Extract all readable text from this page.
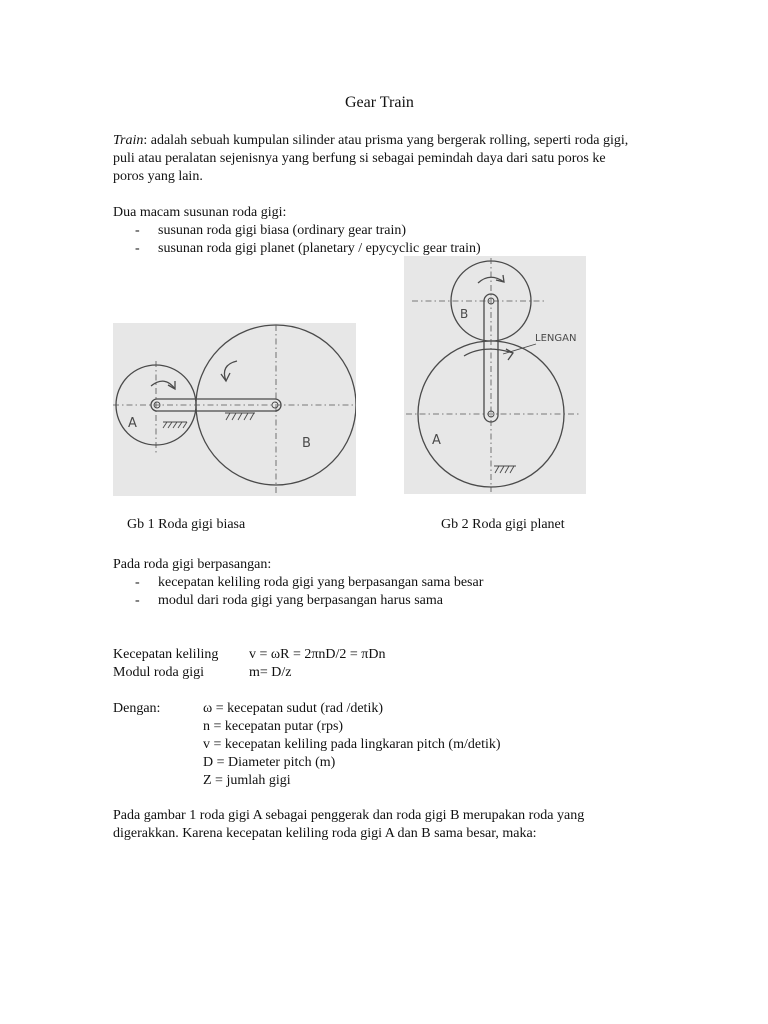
Gear Train
Train: adalah sebuah kumpulan silinder atau prisma yang bergerak rolling, seperti roda gigi, puli atau peralatan sejenisnya yang berfung si sebagai pemindah daya dari satu poros ke poros yang lain.
Dua macam susunan roda gigi:
- susunan roda gigi biasa (ordinary gear train)
- susunan roda gigi planet (planetary / epycyclic gear train)
A
B
B
A
LENGAN
Gb 1 Roda gigi biasa	Gb 2 Roda gigi planet
Pada roda gigi berpasangan:
- kecepatan keliling roda gigi yang berpasangan sama besar
- modul dari roda gigi yang berpasangan harus sama
Kecepatan keliling v = ωR = 2πnD/2 = πDn
Modul roda gigi	m= D/z
Dengan:	ω = kecepatan sudut (rad /detik)
n = kecepatan putar (rps)
v = kecepatan keliling pada lingkaran pitch (m/detik)
D = Diameter pitch (m)
Z = jumlah gigi
Pada gambar 1 roda gigi A sebagai penggerak dan roda gigi B merupakan roda yang digerakkan. Karena kecepatan keliling roda gigi A dan B sama besar, maka:
